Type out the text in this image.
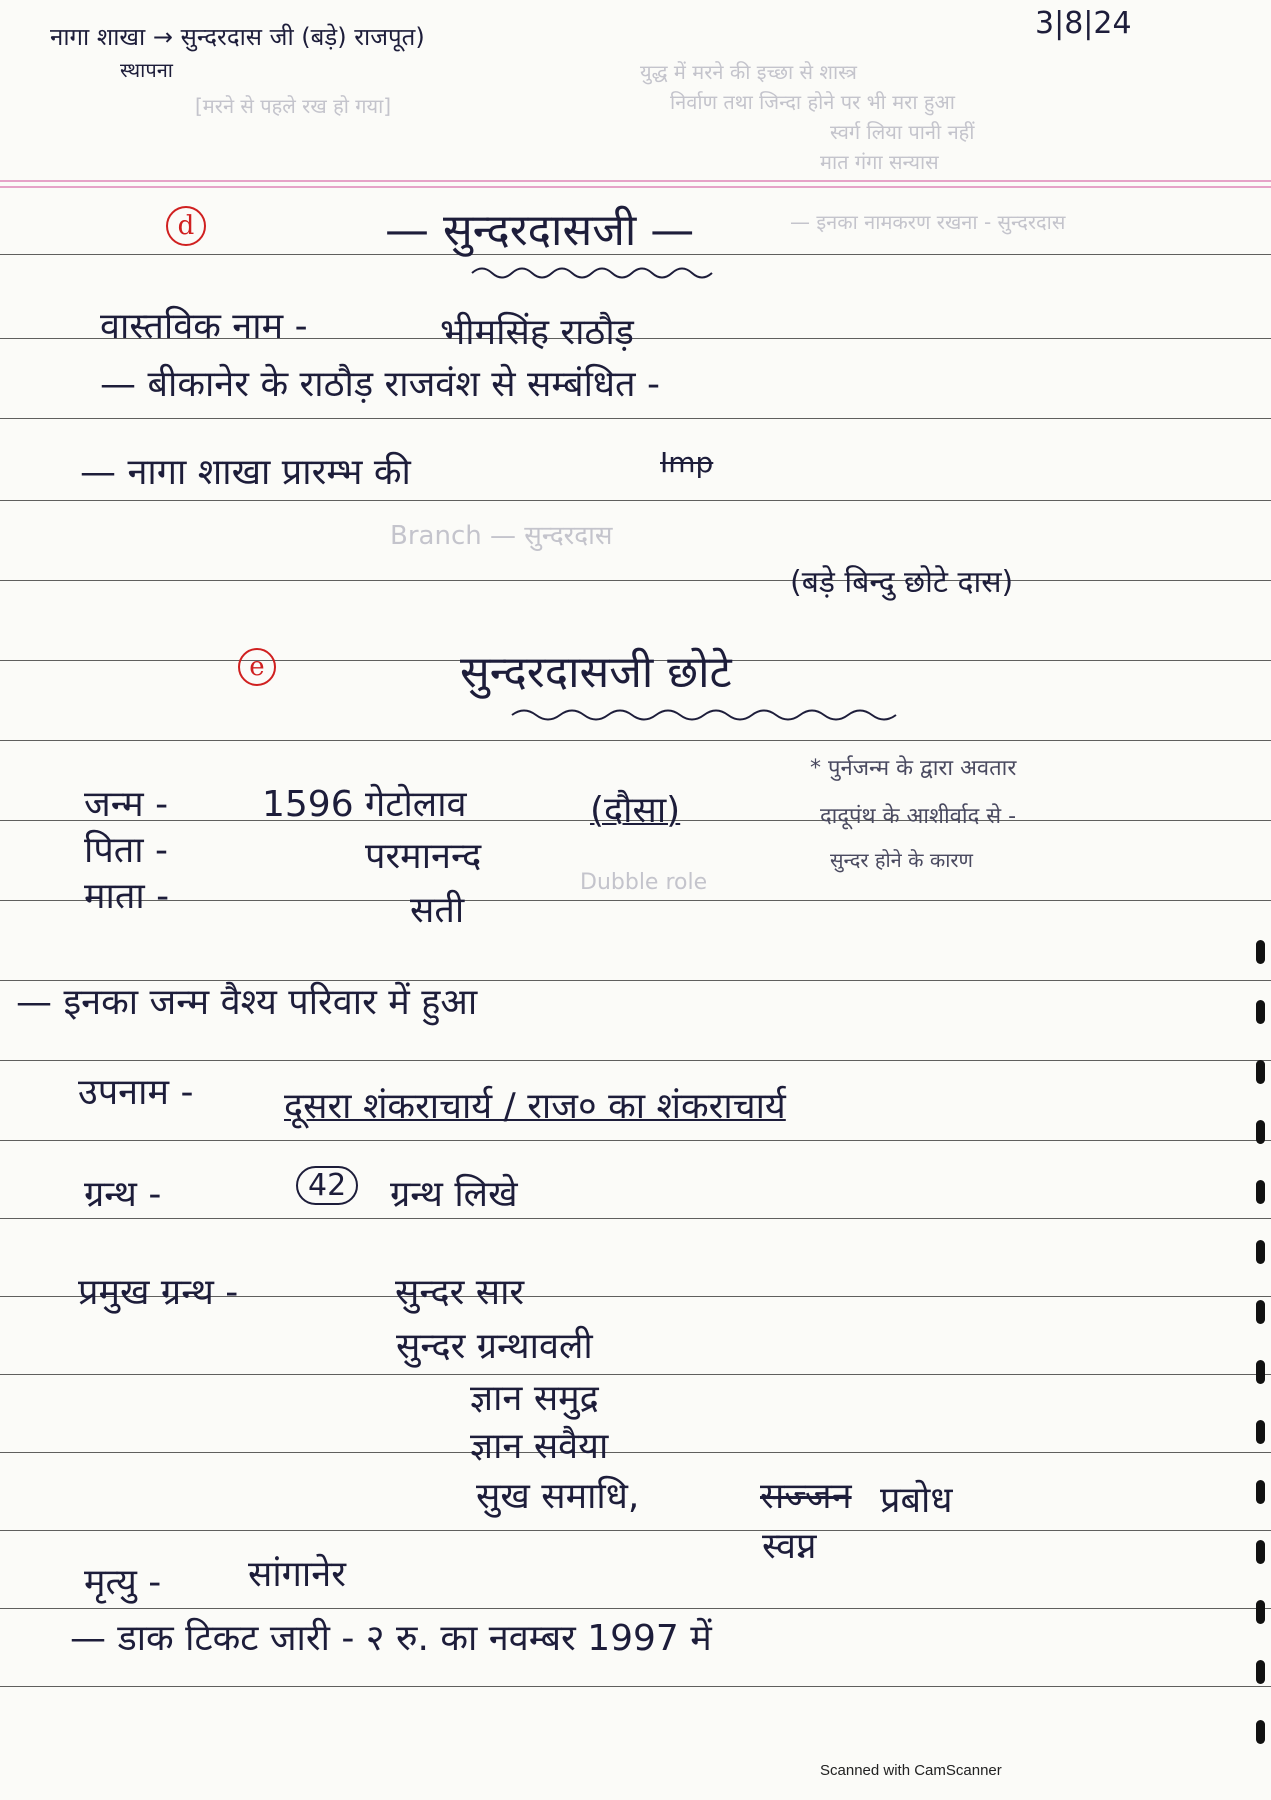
नागा शाखा → सुन्दरदास जी (बड़े) राजपूत)
स्थापना
[मरने से पहले रख हो गया]
3|8|24
युद्ध में मरने की इच्छा से शास्त्र
निर्वाण तथा जिन्दा होने पर भी मरा हुआ
स्वर्ग लिया पानी नहीं
मात गंगा सन्यास
— इनका नामकरण रखना - सुन्दरदास
d	— सुन्दरदासजी —
वास्तविक नाम -	भीमसिंह राठौड़
— बीकानेर के राठौड़ राजवंश से सम्बंधित -
— नागा शाखा प्रारम्भ की	Imp
Branch — सुन्दरदास
(बड़े बिन्दु छोटे दास)
e	सुन्दरदासजी छोटे
* पुर्नजन्म के द्वारा अवतार
दादूपंथ के आशीर्वाद से -
सुन्दर होने के कारण
जन्म -	1596 गेटोलाव	(दौसा)
पिता -	परमानन्द
माता -	सती
Dubble role
— इनका जन्म वैश्य परिवार में हुआ
उपनाम -	दूसरा शंकराचार्य / राज० का शंकराचार्य
ग्रन्थ -	42	ग्रन्थ लिखे
प्रमुख ग्रन्थ -	सुन्दर सार
सुन्दर ग्रन्थावली
ज्ञान समुद्र
ज्ञान सवैया
सुख समाधि,	सज्जन प्रबोध
स्वप्न
मृत्यु - सांगानेर
— डाक टिकट जारी - २ रु. का नवम्बर 1997 में
Scanned with CamScanner
